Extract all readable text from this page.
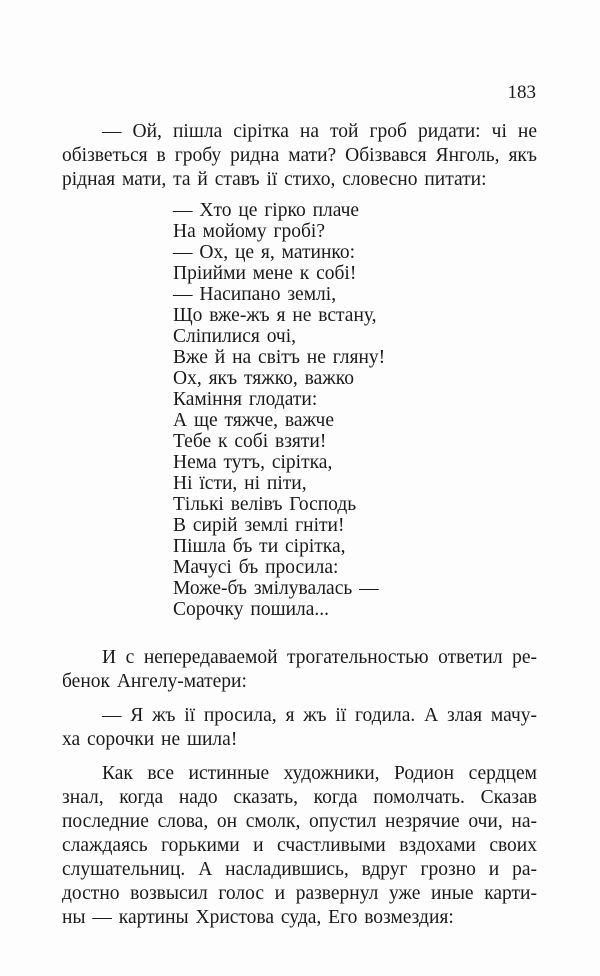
183
— Ой, пішла сірітка на той гроб ридати: чі не
обізветься в гробу ридна мати? Обізвався Янголь, якъ
рідная мати, та й ставъ ії стихо, словесно питати:
— Хто це гірко плаче
На мойому гробі?
— Ох, це я, матинко:
Пріийми мене к собі!
— Насипано землі,
Що вже-жъ я не встану,
Сліпилися очі,
Вже й на світъ не гляну!
Ох, якъ тяжко, важко
Каміння глодати:
А ще тяжче, важче
Тебе к собі взяти!
Нема тутъ, сірітка,
Ні їсти, ні піти,
Тількі велівъ Господь
В сирій землі гніти!
Пішла бъ ти сірітка,
Мачусі бъ просила:
Може-бъ змілувалась —
Сорочку пошила...
И с непередаваемой трогательностью ответил ре-
бенок Ангелу-матери:
— Я жъ ії просила, я жъ ії годила. А злая мачу-
ха сорочки не шила!
Как все истинные художники, Родион сердцем
знал, когда надо сказать, когда помолчать. Сказав
последние слова, он смолк, опустил незрячие очи, на-
слаждаясь горькими и счастливыми вздохами своих
слушательниц. А насладившись, вдруг грозно и ра-
достно возвысил голос и развернул уже иные карти-
ны — картины Христова суда, Его возмездия:
